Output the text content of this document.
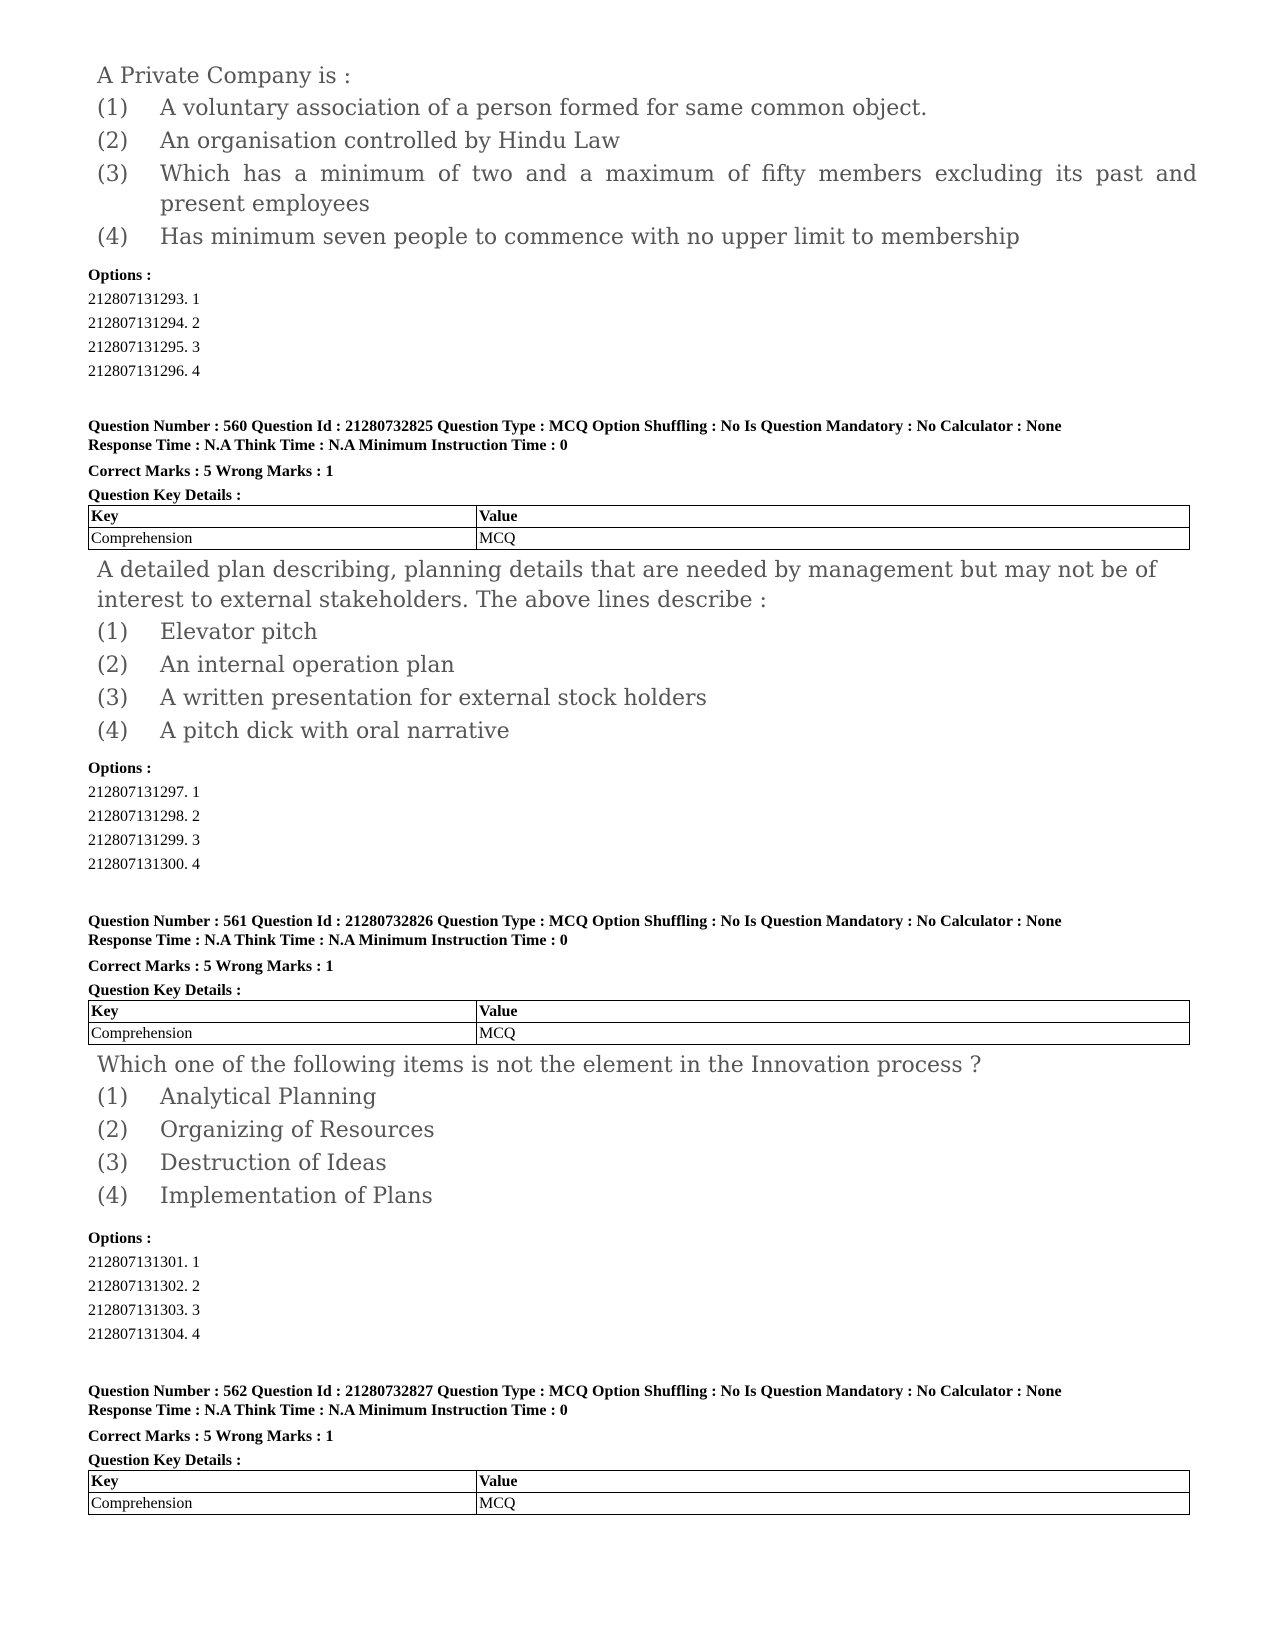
A Private Company is :

(1)	A voluntary association of a person formed for same common object.
(2)	An organisation controlled by Hindu Law
(3)	Which has a minimum of two and a maximum of fifty members excluding its past and present employees
(4)	Has minimum seven people to commence with no upper limit to membership
Options :
212807131293. 1
212807131294. 2
212807131295. 3
212807131296. 4
Question Number : 560 Question Id : 21280732825 Question Type : MCQ Option Shuffling : No Is Question Mandatory : No Calculator : None
Response Time : N.A Think Time : N.A Minimum Instruction Time : 0
Correct Marks : 5 Wrong Marks : 1
Question Key Details :
Key	Value
Comprehension	MCQ

A detailed plan describing, planning details that are needed by management but may not be of interest to external stakeholders. The above lines describe :

(1)	Elevator pitch
(2)	An internal operation plan
(3)	A written presentation for external stock holders
(4)	A pitch dick with oral narrative
Options :
212807131297. 1
212807131298. 2
212807131299. 3
212807131300. 4
Question Number : 561 Question Id : 21280732826 Question Type : MCQ Option Shuffling : No Is Question Mandatory : No Calculator : None
Response Time : N.A Think Time : N.A Minimum Instruction Time : 0
Correct Marks : 5 Wrong Marks : 1
Question Key Details :
Key	Value
Comprehension	MCQ

Which one of the following items is not the element in the Innovation process ?

(1)	Analytical Planning
(2)	Organizing of Resources
(3)	Destruction of Ideas
(4)	Implementation of Plans
Options :
212807131301. 1
212807131302. 2
212807131303. 3
212807131304. 4
Question Number : 562 Question Id : 21280732827 Question Type : MCQ Option Shuffling : No Is Question Mandatory : No Calculator : None
Response Time : N.A Think Time : N.A Minimum Instruction Time : 0
Correct Marks : 5 Wrong Marks : 1
Question Key Details :
Key	Value
Comprehension	MCQ
